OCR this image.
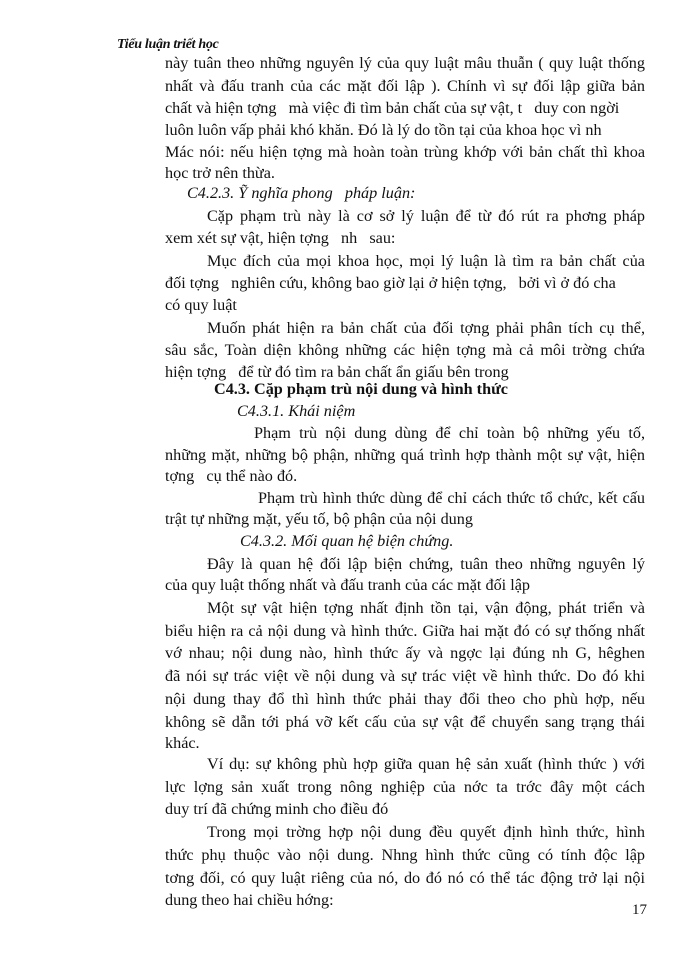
Tiểu luận triết học
này tuân theo những nguyên lý của quy luật mâu thuẫn ( quy luật thống
nhất và đấu tranh của các mặt đối lập ). Chính vì sự đối lập giữa bản
chất và hiện tợng   mà việc đi tìm bản chất của sự vật, t   duy con ngời
luôn luôn vấp phải khó khăn. Đó là lý do tồn tại của khoa học vì nh
Mác nói: nếu hiện tợng mà hoàn toàn trùng khớp với bản chất thì khoa
học trở nên thừa.
C4.2.3. Ỹ nghĩa phong   pháp luận:
Cặp phạm trù này là cơ sở lý luận để từ đó rút ra phơng pháp
xem xét sự vật, hiện tợng   nh   sau:
Mục đích của mọi khoa học, mọi lý luận là tìm ra bản chất của
đối tợng   nghiên cứu, không bao giờ lại ở hiện tợng,   bởi vì ở đó cha
có quy luật
Muốn phát hiện ra bản chất của đối tợng phải phân tích cụ thể,
sâu sắc, Toàn diện không những các hiện tợng mà cả môi trờng chứa
hiện tợng   để từ đó tìm ra bản chất ẩn giấu bên trong
C4.3. Cặp phạm trù nội dung và hình thức
C4.3.1. Khái niệm
Phạm trù nội dung dùng để chỉ toàn bộ những yếu tố,
những mặt, những bộ phận, những quá trình hợp thành một sự vật, hiện
tợng   cụ thể nào đó.
Phạm trù hình thức dùng để chỉ cách thức tổ chức, kết cấu
trật tự những mặt, yếu tố, bộ phận của nội dung
C4.3.2. Mối quan hệ biện chứng.
Đây là quan hệ đối lập biện chứng, tuân theo những nguyên lý
của quy luật thống nhất và đấu tranh của các mặt đối lập
Một sự vật hiện tợng nhất định tồn tại, vận động, phát triển và
biểu hiện ra cả nội dung và hình thức. Giữa hai mặt đó có sự thống nhất
vớ nhau; nội dung nào, hình thức ấy và ngợc lại đúng nh G, hêghen
đã nói sự trác việt về nội dung và sự trác việt về hình thức. Do đó khi
nội dung thay đổ thì hình thức phải thay đổi theo cho phù hợp, nếu
không sẽ dẫn tới phá vỡ kết cấu của sự vật để chuyển sang trạng thái
khác.
Ví dụ: sự không phù hợp giữa quan hệ sản xuất (hình thức ) với
lực lợng sản xuất trong nông nghiệp của nớc ta trớc đây một cách
duy trí đã chứng minh cho điều đó
Trong mọi trờng hợp nội dung đều quyết định hình thức, hình
thức phụ thuộc vào nội dung. Nhng hình thức cũng có tính độc lập
tơng đối, có quy luật riêng của nó, do đó nó có thể tác động trở lại nội
dung theo hai chiều hớng:
17
